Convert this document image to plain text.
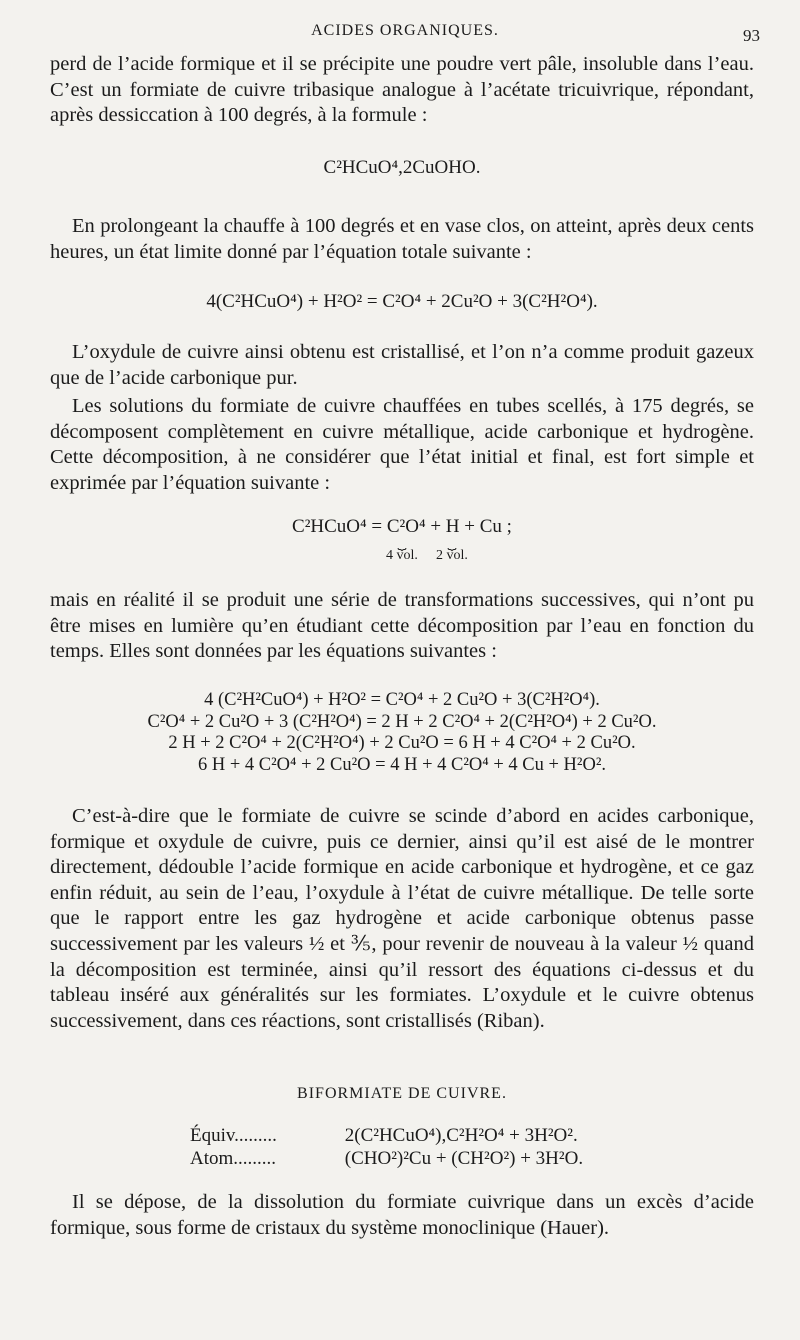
ACIDES ORGANIQUES.	93
perd de l’acide formique et il se précipite une poudre vert pâle, insoluble dans l’eau. C’est un formiate de cuivre tribasique analogue à l’acétate tricuivrique, répondant, après dessiccation à 100 degrés, à la formule :
C²HCuO⁴,2CuOHO.
En prolongeant la chauffe à 100 degrés et en vase clos, on atteint, après deux cents heures, un état limite donné par l’équation totale suivante :
4(C²HCuO⁴) + H²O² = C²O⁴ + 2Cu²O + 3(C²H²O⁴).
L’oxydule de cuivre ainsi obtenu est cristallisé, et l’on n’a comme produit gazeux que de l’acide carbonique pur.
Les solutions du formiate de cuivre chauffées en tubes scellés, à 175 degrés, se décomposent complètement en cuivre métallique, acide carbonique et hydrogène. Cette décomposition, à ne considérer que l’état initial et final, est fort simple et exprimée par l’équation suivante :
C²HCuO⁴ = C²O⁴ + H + Cu ;
⏟	⏟
4 vol.	2 vol.
mais en réalité il se produit une série de transformations successives, qui n’ont pu être mises en lumière qu’en étudiant cette décomposition par l’eau en fonction du temps. Elles sont données par les équations suivantes :
4 (C²H²CuO⁴) + H²O² = C²O⁴ + 2 Cu²O + 3(C²H²O⁴).
C²O⁴ + 2 Cu²O + 3 (C²H²O⁴) = 2 H + 2 C²O⁴ + 2(C²H²O⁴) + 2 Cu²O.
2 H + 2 C²O⁴ + 2(C²H²O⁴) + 2 Cu²O = 6 H + 4 C²O⁴ + 2 Cu²O.
6 H + 4 C²O⁴ + 2 Cu²O = 4 H + 4 C²O⁴ + 4 Cu + H²O².
C’est-à-dire que le formiate de cuivre se scinde d’abord en acides carbonique, formique et oxydule de cuivre, puis ce dernier, ainsi qu’il est aisé de le montrer directement, dédouble l’acide formique en acide carbonique et hydrogène, et ce gaz enfin réduit, au sein de l’eau, l’oxydule à l’état de cuivre métallique. De telle sorte que le rapport entre les gaz hydrogène et acide carbonique obtenus passe successivement par les valeurs ½ et ⅗, pour revenir de nouveau à la valeur ½ quand la décomposition est terminée, ainsi qu’il ressort des équations ci-dessus et du tableau inséré aux généralités sur les formiates. L’oxydule et le cuivre obtenus successivement, dans ces réactions, sont cristallisés (Riban).
BIFORMIATE DE CUIVRE.
Équiv.........	2(C²HCuO⁴),C²H²O⁴ + 3H²O².
Atom.........	(CHO²)²Cu + (CH²O²) + 3H²O.
Il se dépose, de la dissolution du formiate cuivrique dans un excès d’acide formique, sous forme de cristaux du système monoclinique (Hauer).
